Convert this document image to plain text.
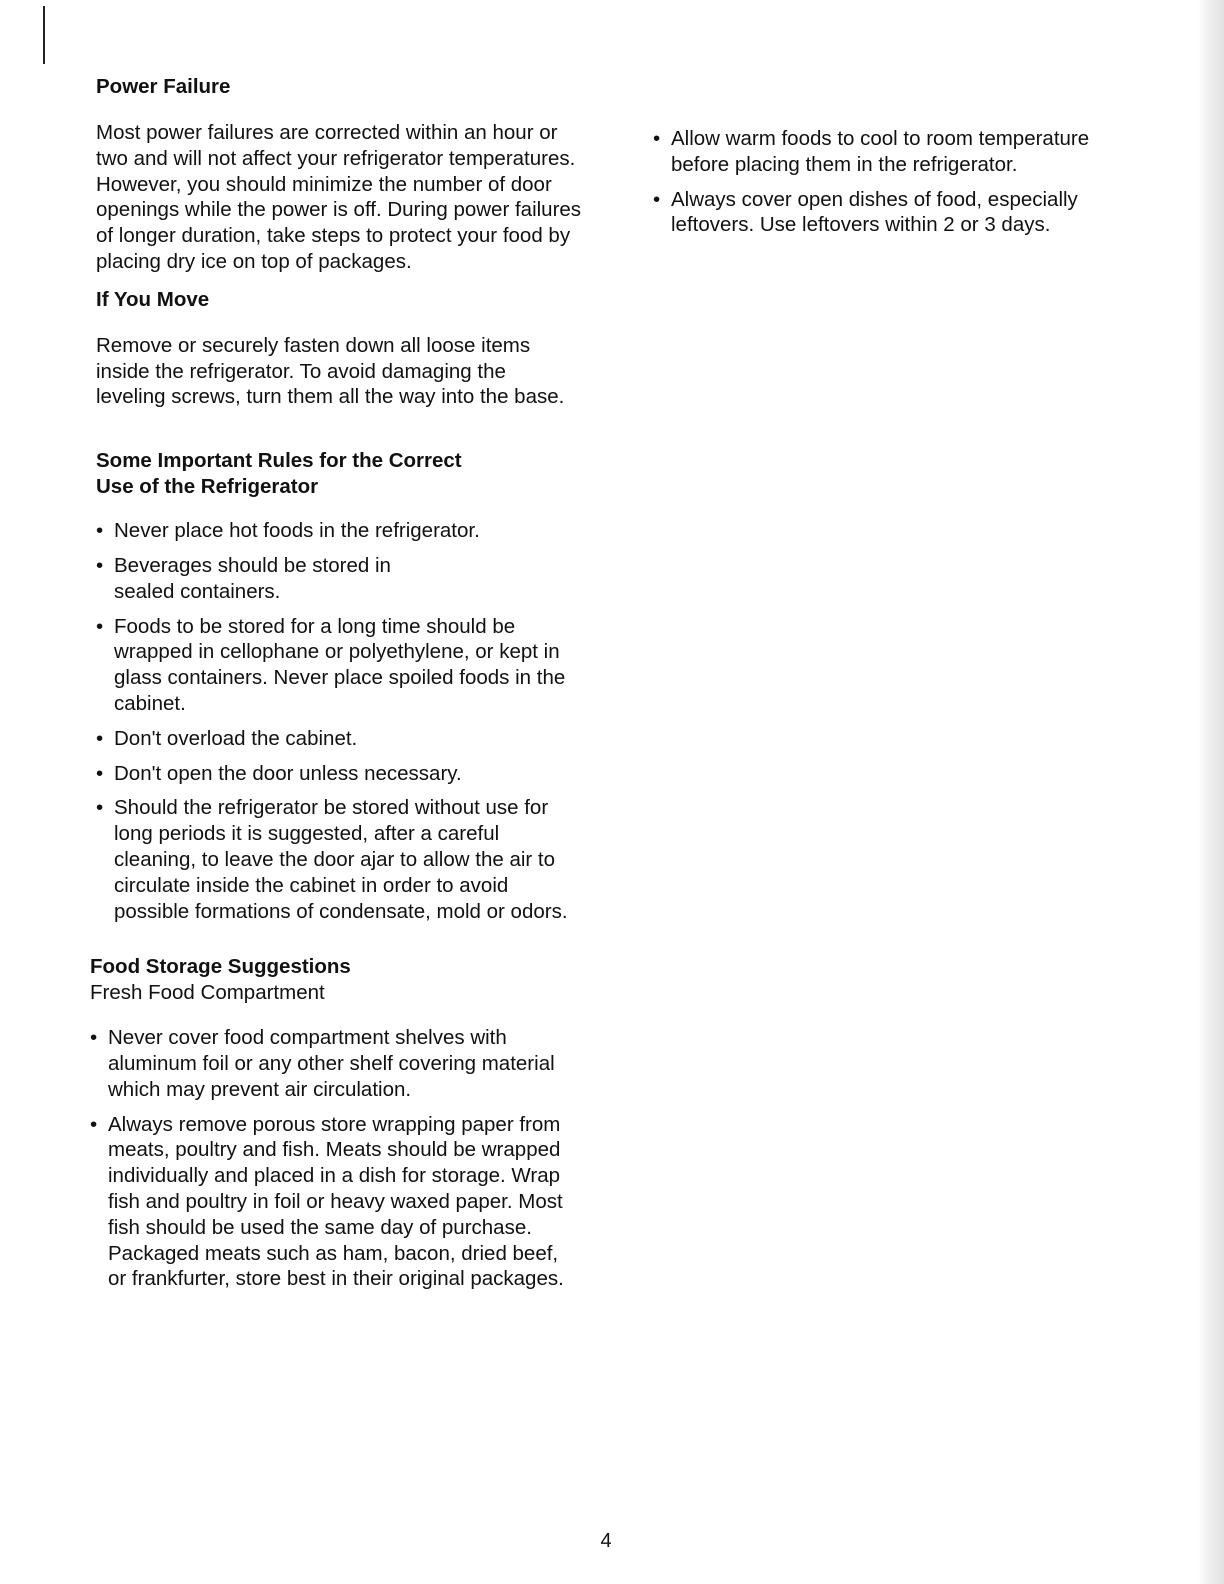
Power Failure

Most power failures are corrected within an hour or two and will not affect your refrigerator temperatures. However, you should minimize the number of door openings while the power is off. During power failures of longer duration, take steps to protect your food by placing dry ice on top of packages.

If You Move

Remove or securely fasten down all loose items inside the refrigerator. To avoid damaging the leveling screws, turn them all the way into the base.

Some Important Rules for the Correct
Use of the Refrigerator
• Never place hot foods in the refrigerator.
• Beverages should be stored in sealed containers.
• Foods to be stored for a long time should be wrapped in cellophane or polyethylene, or kept in glass containers. Never place spoiled foods in the cabinet.
• Don't overload the cabinet.
• Don't open the door unless necessary.
• Should the refrigerator be stored without use for long periods it is suggested, after a careful cleaning, to leave the door ajar to allow the air to circulate inside the cabinet in order to avoid possible formations of condensate, mold or odors.
Food Storage Suggestions
Fresh Food Compartment
• Never cover food compartment shelves with aluminum foil or any other shelf covering material which may prevent air circulation.
• Always remove porous store wrapping paper from meats, poultry and fish. Meats should be wrapped individually and placed in a dish for storage. Wrap fish and poultry in foil or heavy waxed paper. Most fish should be used the same day of purchase. Packaged meats such as ham, bacon, dried beef, or frankfurter, store best in their original packages.
• Allow warm foods to cool to room temperature before placing them in the refrigerator.
• Always cover open dishes of food, especially leftovers. Use leftovers within 2 or 3 days.
4
